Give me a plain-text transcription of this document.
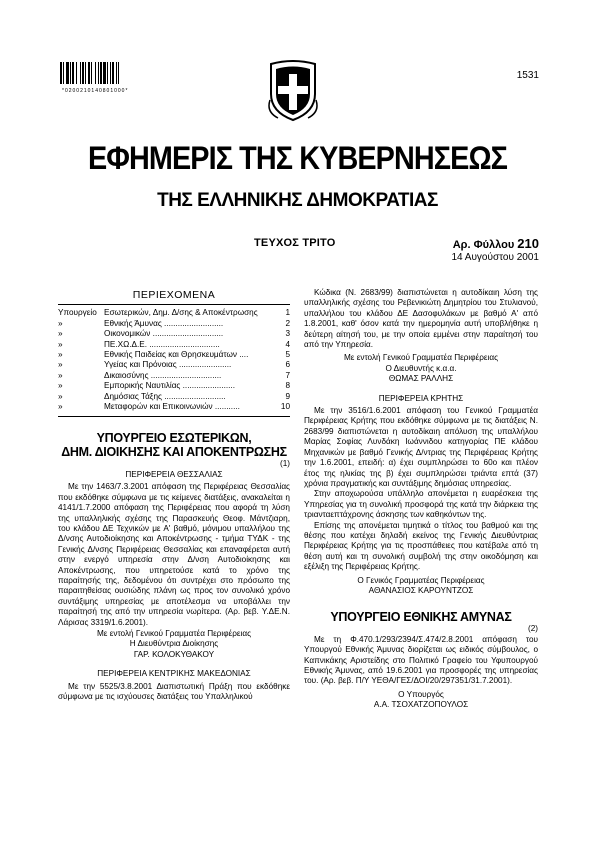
*0200210140801000*
1531
ΕΦΗΜΕΡΙΣ ΤΗΣ ΚΥΒΕΡΝΗΣΕΩΣ
ΤΗΣ ΕΛΛΗΝΙΚΗΣ ΔΗΜΟΚΡΑΤΙΑΣ
ΤΕΥΧΟΣ ΤΡΙΤΟ	Αρ. Φύλλου 210
14 Αυγούστου 2001
ΠΕΡΙΕΧΟΜΕΝΑ
Υπουργείο Εσωτερικών, Δημ. Δ/σης & Αποκέντρωσης	1
»	Εθνικής Άμυνας ..........................	2
»	Οικονομικών ...............................	3
»	ΠΕ.ΧΩ.Δ.Ε. ...............................	4
»	Εθνικής Παιδείας και Θρησκευμάτων ....	5
»	Υγείας και Πρόνοιας .......................	6
»	Δικαιοσύνης ...............................	7
»	Εμπορικής Ναυτιλίας .......................	8
»	Δημόσιας Τάξης ...........................	9
»	Μεταφορών και Επικοινωνιών ...........	10
ΥΠΟΥΡΓΕΙΟ ΕΣΩΤΕΡΙΚΩΝ,
ΔΗΜ. ΔΙΟΙΚΗΣΗΣ ΚΑΙ ΑΠΟΚΕΝΤΡΩΣΗΣ
(1)
ΠΕΡΙΦΕΡΕΙΑ ΘΕΣΣΑΛΙΑΣ
Με την 1463/7.3.2001 απόφαση της Περιφέρειας Θεσσαλίας που εκδόθηκε σύμφωνα με τις κείμενες διατάξεις, ανακαλείται η 4141/1.7.2000 απόφαση της Περιφέρειας που αφορά τη λύση της υπαλληλικής σχέσης της Παρασκευής Θεοφ. Μάντζιαρη, του κλάδου ΔΕ Τεχνικών με Α' βαθμό, μόνιμου υπαλλήλου της Δ/νσης Αυτοδιοίκησης και Αποκέντρωσης - τμήμα ΤΥΔΚ - της Γενικής Δ/νσης Περιφέρειας Θεσσαλίας και επαναφέρεται αυτή στην ενεργό υπηρεσία στην Δ/νση Αυτοδιοίκησης και Αποκέντρωσης, που υπηρετούσε κατά το χρόνο της παραίτησής της, δεδομένου ότι συντρέχει στο πρόσωπο της παραιτηθείσας ουσιώδης πλάνη ως προς τον συνολικό χρόνο συντάξιμης υπηρεσίας με αποτέλεσμα να υποβάλλει την παραίτησή της από την υπηρεσία νωρίτερα. (Αρ. βεβ. Υ.ΔΕ.Ν. Λάρισας 3319/1.6.2001).
Με εντολή Γενικού Γραμματέα Περιφέρειας
Η Διευθύντρια Διοίκησης
ΓΑΡ. ΚΟΛΟΚΥΘΑΚΟΥ
ΠΕΡΙΦΕΡΕΙΑ ΚΕΝΤΡΙΚΗΣ ΜΑΚΕΔΟΝΙΑΣ
Με την 5525/3.8.2001 Διαπιστωτική Πράξη που εκδόθηκε σύμφωνα με τις ισχύουσες διατάξεις του Υπαλληλικού
Κώδικα (Ν. 2683/99) διαπιστώνεται η αυτοδίκαιη λύση της υπαλληλικής σχέσης του Ρεβενικιώτη Δημητρίου του Στυλιανού, υπαλλήλου του κλάδου ΔΕ Δασοφυλάκων με βαθμό Α' από 1.8.2001, καθ' όσον κατά την ημερομηνία αυτή υποβλήθηκε η δεύτερη αίτησή του, με την οποία εμμένει στην παραίτησή του από την Υπηρεσία.
Με εντολή Γενικού Γραμματέα Περιφέρειας
Ο Διευθυντής κ.α.α.
ΘΩΜΑΣ ΡΑΛΛΗΣ
ΠΕΡΙΦΕΡΕΙΑ ΚΡΗΤΗΣ
Με την 3516/1.6.2001 απόφαση του Γενικού Γραμματέα Περιφέρειας Κρήτης που εκδόθηκε σύμφωνα με τις διατάξεις Ν. 2683/99 διαπιστώνεται η αυτοδίκαιη απόλυση της υπαλλήλου Μαρίας Σοφίας Λυνδάκη Ιωάννιδου κατηγορίας ΠΕ κλάδου Μηχανικών με βαθμό Γενικής Δ/ντριας της Περιφέρειας Κρήτης την 1.6.2001, επειδή: α) έχει συμπληρώσει το 60ο και πλέον έτος της ηλικίας της β) έχει συμπληρώσει τριάντα επτά (37) χρόνια πραγματικής και συντάξιμης δημόσιας υπηρεσίας.
Στην αποχωρούσα υπάλληλο απονέμεται η ευαρέσκεια της Υπηρεσίας για τη συνολική προσφορά της κατά την διάρκεια της τριανταεπτάχρονης άσκησης των καθηκόντων της.
Επίσης της απονέμεται τιμητικά ο τίτλος του βαθμού και της θέσης που κατέχει δηλαδή εκείνος της Γενικής Διευθύντριας Περιφέρειας Κρήτης για τις προσπάθειες που κατέβαλε από τη θέση αυτή και τη συνολική συμβολή της στην οικοδόμηση και εξέλιξη της Περιφέρειας Κρήτης.
Ο Γενικός Γραμματέας Περιφέρειας
ΑΘΑΝΑΣΙΟΣ ΚΑΡΟΥΝΤΖΟΣ
ΥΠΟΥΡΓΕΙΟ ΕΘΝΙΚΗΣ ΑΜΥΝΑΣ
(2)
Με τη Φ.470.1/293/2394/Σ.474/2.8.2001 απόφαση του Υπουργού Εθνικής Άμυνας διορίζεται ως ειδικός σύμβουλος, ο Καπνικάκης Αριστείδης στο Πολιτικό Γραφείο του Υφυπουργού Εθνικής Άμυνας, από 19.6.2001 για προσφορές της υπηρεσίας του. (Αρ. βεβ. Π/Υ ΥΕΘΑ/ΓΕΣ/ΔΟΙ/20/297351/31.7.2001).
Ο Υπουργός
Α.Α. ΤΣΟΧΑΤΖΟΠΟΥΛΟΣ
